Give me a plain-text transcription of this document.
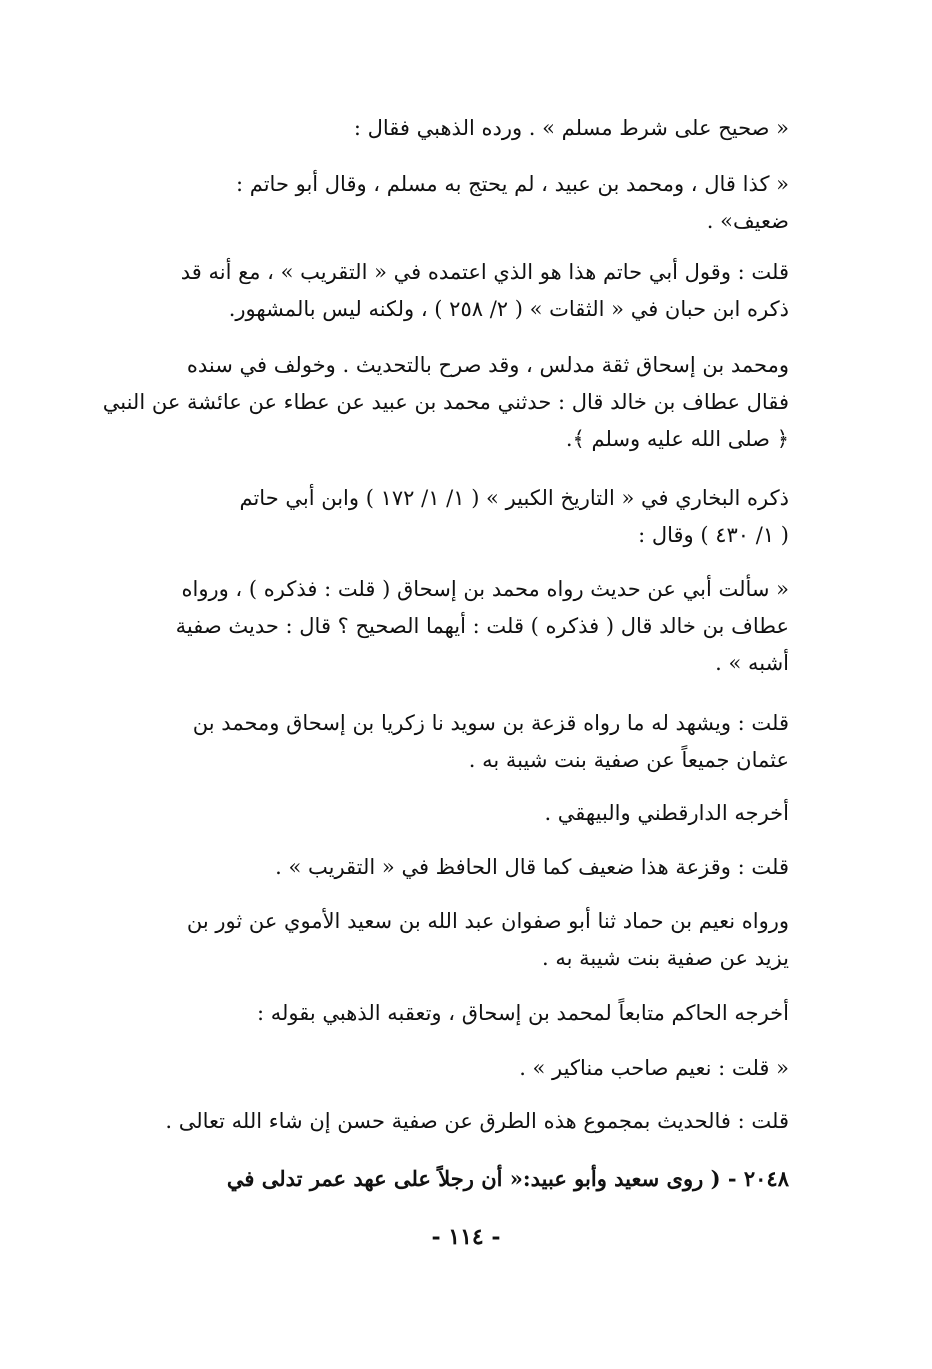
« صحيح على شرط مسلم » . ورده الذهبي فقال :

« كذا قال ، ومحمد بن عبيد ، لم يحتج به مسلم ، وقال أبو حاتم :
ضعيف» .

قلت : وقول أبي حاتم هذا هو الذي اعتمده في « التقريب » ، مع أنه قد
ذكره ابن حبان في « الثقات » ( ٢/ ٢٥٨ ) ، ولكنه ليس بالمشهور.

ومحمد بن إسحاق ثقة مدلس ، وقد صرح بالتحديث . وخولف في سنده
فقال عطاف بن خالد قال : حدثني محمد بن عبيد عن عطاء عن عائشة عن النبي
﴿ صلى الله عليه وسلم ﴾.

ذكره البخاري في « التاريخ الكبير » ( ١/ ١/ ١٧٢ ) وابن أبي حاتم
( ١/ ٤٣٠ ) وقال :

« سألت أبي عن حديث رواه محمد بن إسحاق ( قلت : فذكره ) ، ورواه
عطاف بن خالد قال ( فذكره ) قلت : أيهما الصحيح ؟ قال : حديث صفية
أشبه » .

قلت : ويشهد له ما رواه قزعة بن سويد نا زكريا بن إسحاق ومحمد بن
عثمان جميعاً عن صفية بنت شيبة به .

أخرجه الدارقطني والبيهقي .

قلت : وقزعة هذا ضعيف كما قال الحافظ في « التقريب » .

ورواه نعيم بن حماد ثنا أبو صفوان عبد الله بن سعيد الأموي عن ثور بن
يزيد عن صفية بنت شيبة به .

أخرجه الحاكم متابعاً لمحمد بن إسحاق ، وتعقبه الذهبي بقوله :

« قلت : نعيم صاحب مناكير » .

قلت : فالحديث بمجموع هذه الطرق عن صفية حسن إن شاء الله تعالى .

٢٠٤٨ - ( روى سعيد وأبو عبيد:« أن رجلاً على عهد عمر تدلى في

- ١١٤ -
